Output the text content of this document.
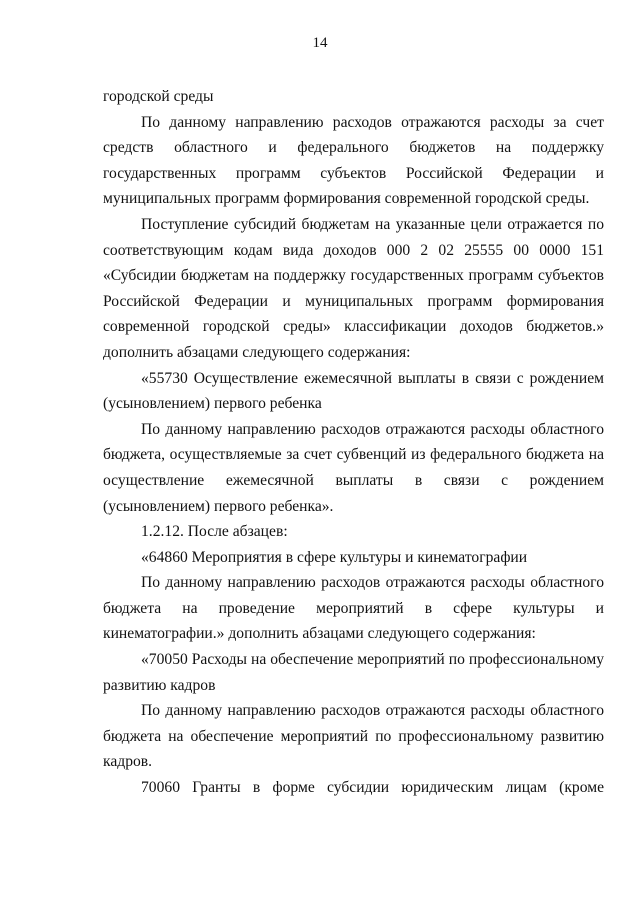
14

городской среды

По данному направлению расходов отражаются расходы за счет средств областного и федерального бюджетов на поддержку государственных программ субъектов Российской Федерации и муниципальных программ формирования современной городской среды.

Поступление субсидий бюджетам на указанные цели отражается по соответствующим кодам вида доходов 000 2 02 25555 00 0000 151 «Субсидии бюджетам на поддержку государственных программ субъектов Российской Федерации и муниципальных программ формирования современной городской среды» классификации доходов бюджетов.» дополнить абзацами следующего содержания:

«55730 Осуществление ежемесячной выплаты в связи с рождением (усыновлением) первого ребенка

По данному направлению расходов отражаются расходы областного бюджета, осуществляемые за счет субвенций из федерального бюджета на осуществление ежемесячной выплаты в связи с рождением (усыновлением) первого ребенка».

1.2.12. После абзацев:

«64860 Мероприятия в сфере культуры и кинематографии

По данному направлению расходов отражаются расходы областного бюджета на проведение мероприятий в сфере культуры и кинематографии.» дополнить абзацами следующего содержания:

«70050 Расходы на обеспечение мероприятий по профессиональному развитию кадров

По данному направлению расходов отражаются расходы областного бюджета на обеспечение мероприятий по профессиональному развитию кадров.

70060 Гранты в форме субсидии юридическим лицам (кроме
